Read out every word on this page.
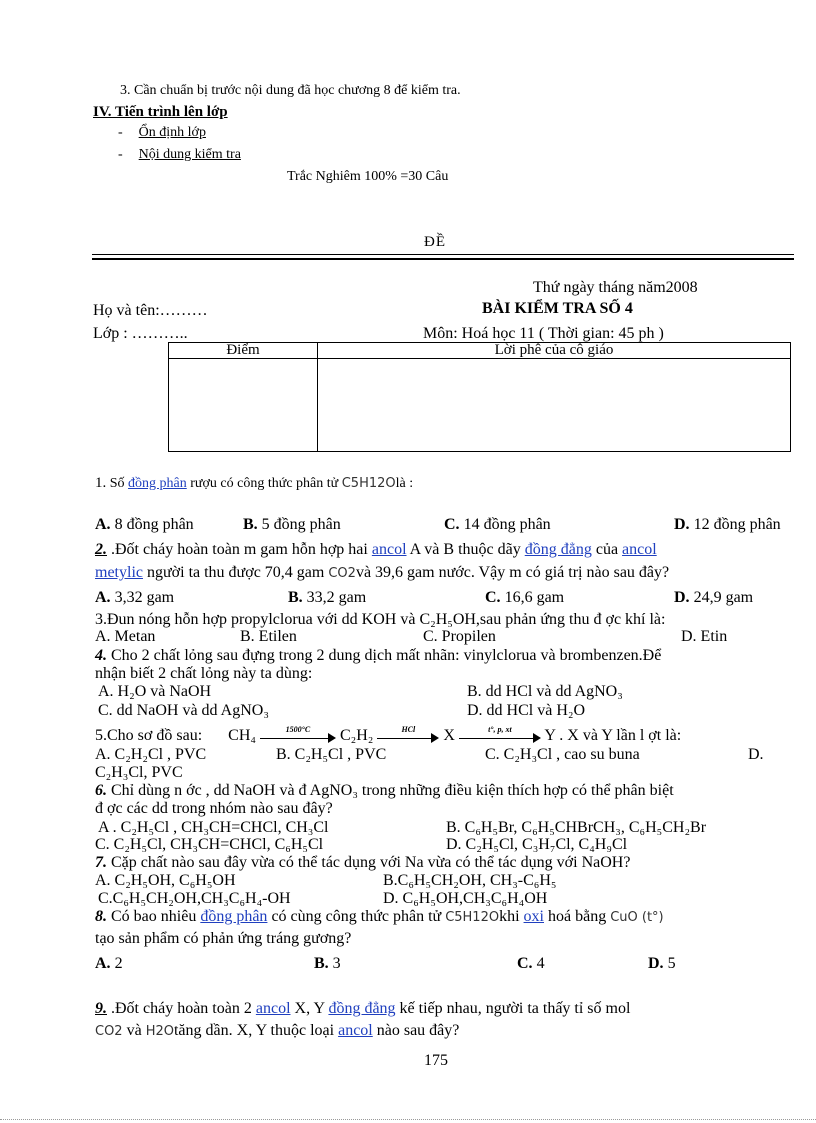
3. Cần chuẩn bị trước nội dung đã học chương 8 để kiểm tra.
IV. Tiến trình lên lớp
- Ổn định lớp
- Nội dung kiểm tra
Trắc Nghiêm 100% =30 Câu
ĐỀ
Thứ ngày tháng năm2008
Họ và tên:………	BÀI KIỂM TRA SỐ 4
Lớp : ………..	Môn: Hoá học 11 ( Thời gian: 45 ph )
Điểm	Lời phê của cô giáo

1. Số đồng phân rượu có công thức phân tử C5H12Olà :
A. 8 đồng phân	B. 5 đồng phân	C. 14 đồng phân	D. 12 đồng phân
2. .Đốt cháy hoàn toàn m gam hỗn hợp hai ancol A và B thuộc dãy đồng đẳng của ancol
metylic người ta thu được 70,4 gam CO2và 39,6 gam nước. Vậy m có giá trị nào sau đây?
A. 3,32 gam	B. 33,2 gam	C. 16,6 gam	D. 24,9 gam
3.Đun nóng hỗn hợp propylclorua với dd KOH và C₂H₅OH,sau phản ứng thu đ ợc khí là:
A. Metan	B. Etilen	C. Propilen	D. Etin
4. Cho 2 chất lỏng sau đựng trong 2 dung dịch mất nhãn: vinylclorua và brombenzen.Để
nhận biết 2 chất lỏng này ta dùng:
A. H₂O và NaOH	B. dd HCl và dd AgNO₃
C. dd NaOH và dd AgNO₃	D. dd HCl và H₂O
5.Cho sơ đồ sau: CH₄	1500°C	C₂H₂	HCl	X	t°, p, xt	Y . X và Y lần l ợt là:
A. C₂H₂Cl , PVC	B. C₂H₅Cl , PVC	C. C₂H₃Cl , cao su buna	D.
C₂H₃Cl, PVC
6. Chỉ dùng n ớc , dd NaOH và đ AgNO₃ trong những điều kiện thích hợp có thể phân biệt
đ ợc các dd trong nhóm nào sau đây?
A . C₂H₅Cl , CH₃CH=CHCl, CH₃Cl	B. C₆H₅Br, C₆H₅CHBrCH₃, C₆H₅CH₂Br
C. C₂H₅Cl, CH₃CH=CHCl, C₆H₅Cl	D. C₂H₅Cl, C₃H₇Cl, C₄H₉Cl
7. Cặp chất nào sau đây vừa có thể tác dụng với Na vừa có thể tác dụng với NaOH?
A. C₂H₅OH, C₆H₅OH	B.C₆H₅CH₂OH, CH₃-C₆H₅
C.C₆H₅CH₂OH,CH₃C₆H₄-OH	D. C₆H₅OH,CH₃C₆H₄OH
8. Có bao nhiêu đồng phân có cùng công thức phân tử C5H12Okhi oxi hoá bằng CuO (t°)
tạo sản phẩm có phản ứng tráng gương?
A. 2	B. 3	C. 4	D. 5
9. .Đốt cháy hoàn toàn 2 ancol X, Y đồng đẳng kế tiếp nhau, người ta thấy tỉ số mol
CO2 và H2Otăng dần. X, Y thuộc loại ancol nào sau đây?
175
